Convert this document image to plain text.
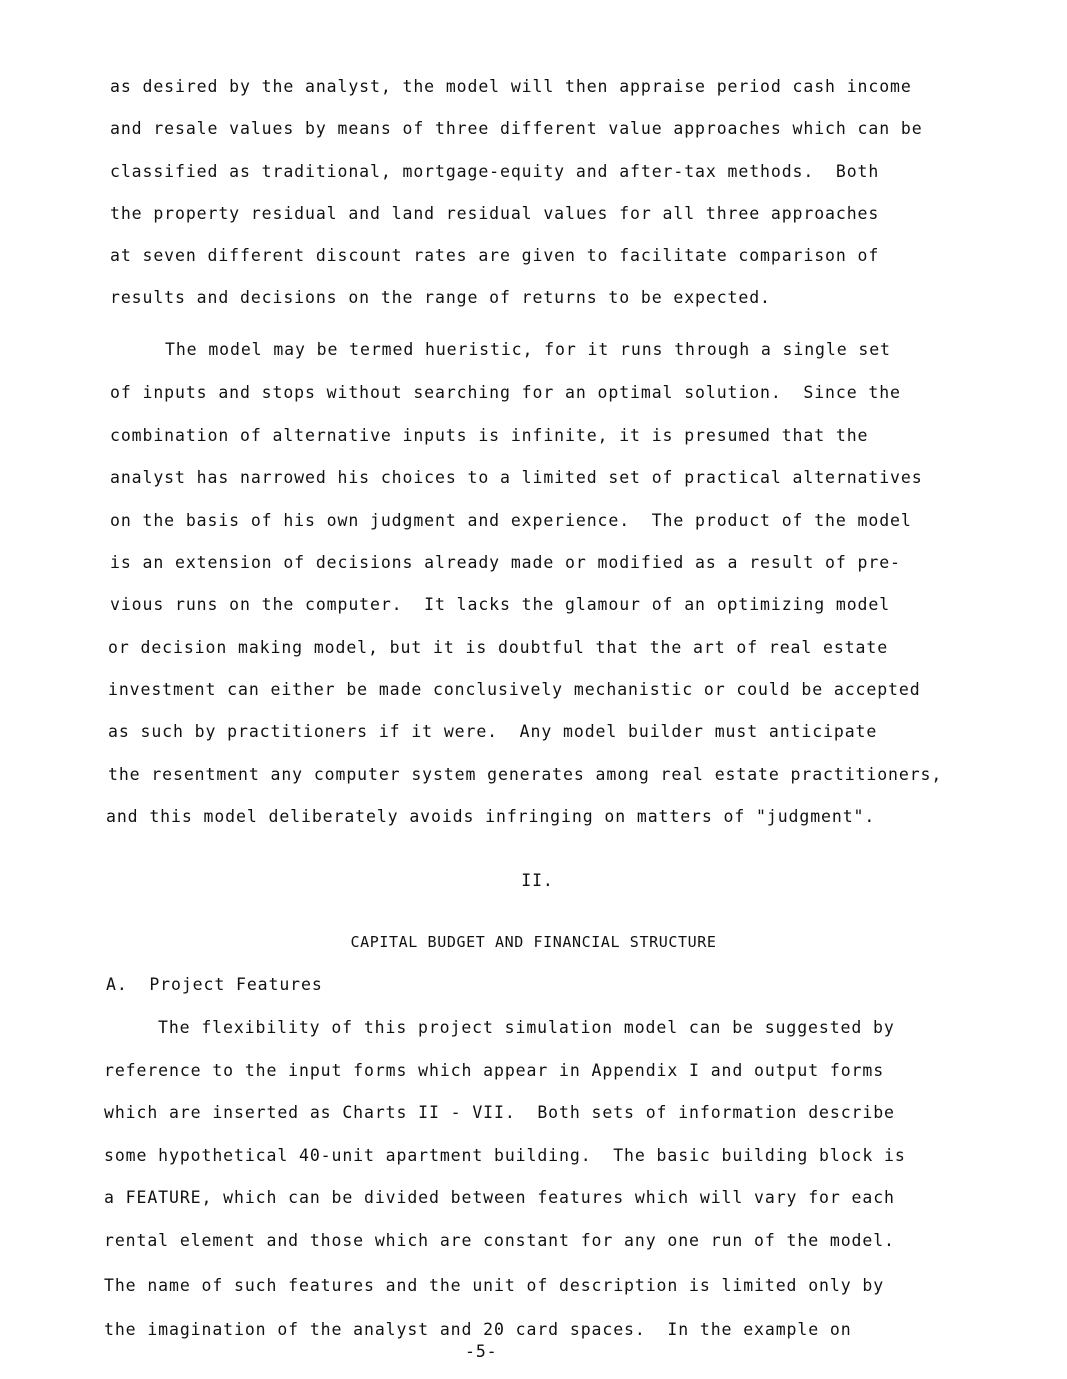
as desired by the analyst, the model will then appraise period cash income
and resale values by means of three different value approaches which can be
classified as traditional, mortgage-equity and after-tax methods.  Both
the property residual and land residual values for all three approaches
at seven different discount rates are given to facilitate comparison of
results and decisions on the range of returns to be expected.
The model may be termed hueristic, for it runs through a single set
of inputs and stops without searching for an optimal solution.  Since the
combination of alternative inputs is infinite, it is presumed that the
analyst has narrowed his choices to a limited set of practical alternatives
on the basis of his own judgment and experience.  The product of the model
is an extension of decisions already made or modified as a result of pre-
vious runs on the computer.  It lacks the glamour of an optimizing model
or decision making model, but it is doubtful that the art of real estate
investment can either be made conclusively mechanistic or could be accepted
as such by practitioners if it were.  Any model builder must anticipate
the resentment any computer system generates among real estate practitioners,
and this model deliberately avoids infringing on matters of "judgment".
II.
CAPITAL BUDGET AND FINANCIAL STRUCTURE
A.  Project Features
The flexibility of this project simulation model can be suggested by
reference to the input forms which appear in Appendix I and output forms
which are inserted as Charts II - VII.  Both sets of information describe
some hypothetical 40-unit apartment building.  The basic building block is
a FEATURE, which can be divided between features which will vary for each
rental element and those which are constant for any one run of the model.
The name of such features and the unit of description is limited only by
the imagination of the analyst and 20 card spaces.  In the example on
-5-
